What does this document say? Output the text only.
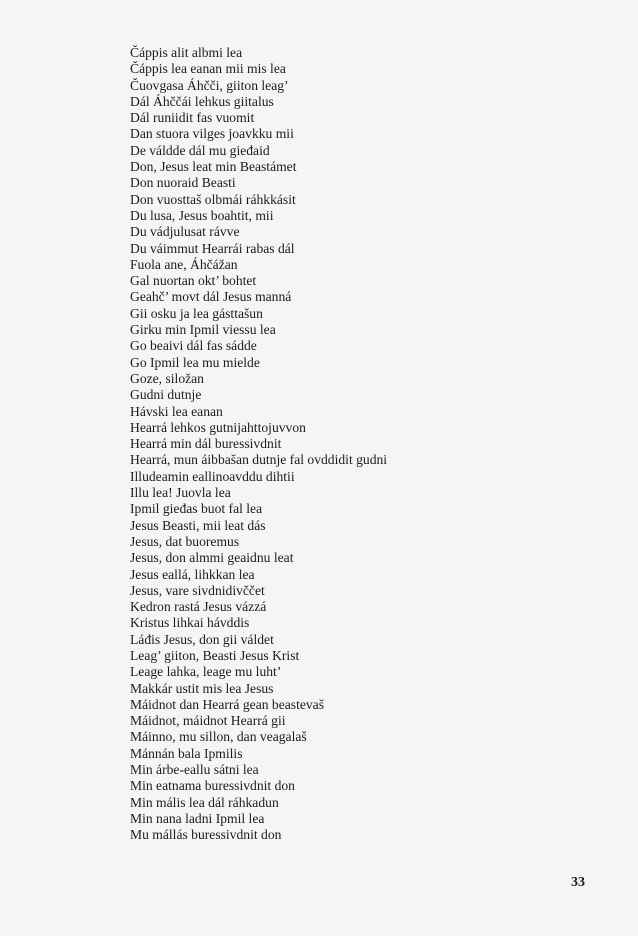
Čáppis alit albmi lea
Čáppis lea eanan mii mis lea
Čuovgasa Áhčči, giiton leag’
Dál Áhččái lehkus giitalus
Dál runiidit fas vuomit
Dan stuora vilges joavkku mii
De váldde dál mu gieđaid
Don, Jesus leat min Beastámet
Don nuoraid Beasti
Don vuosttaš olbmái ráhkkásit
Du lusa, Jesus boahtit, mii
Du vádjulusat rávve
Du váimmut Hearrái rabas dál
Fuola ane, Áhčážan
Gal nuortan okt’ bohtet
Geahč’ movt dál Jesus manná
Gii osku ja lea gásttašun
Girku min Ipmil viessu lea
Go beaivi dál fas sádde
Go Ipmil lea mu mielde
Goze, siložan
Gudni dutnje
Hávski lea eanan
Hearrá lehkos gutnijahttojuvvon
Hearrá min dál buressivdnit
Hearrá, mun áibbašan dutnje fal ovddidit gudni
Illudeamin eallinoavddu dihtii
Illu lea! Juovla lea
Ipmil gieđas buot fal lea
Jesus Beasti, mii leat dás
Jesus, dat buoremus
Jesus, don almmi geaidnu leat
Jesus eallá, lihkkan lea
Jesus, vare sivdnidivččet
Kedron rastá Jesus vázzá
Kristus lihkai hávddis
Láđis Jesus, don gii váldet
Leag’ giiton, Beasti Jesus Krist
Leage lahka, leage mu luht’
Makkár ustit mis lea Jesus
Máidnot dan Hearrá gean beastevaš
Máidnot, máidnot Hearrá gii
Máinno, mu sillon, dan veagalaš
Mánnán bala Ipmilis
Min árbe-eallu sátni lea
Min eatnama buressivdnit don
Min mális lea dál ráhkadun
Min nana ladni Ipmil lea
Mu mállás buressivdnit don
33
